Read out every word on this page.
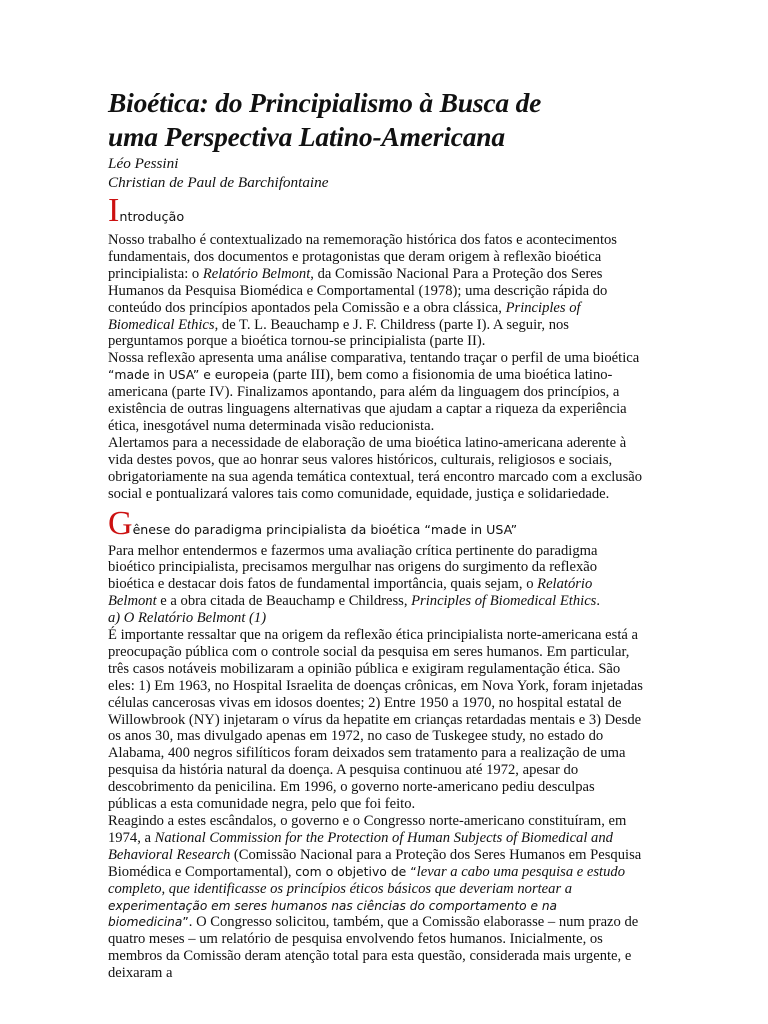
Bioética: do Principialismo à Busca de
uma Perspectiva Latino-Americana
Léo Pessini
Christian de Paul de Barchifontaine
Introdução

Nosso trabalho é contextualizado na rememoração histórica dos fatos e acontecimentos fundamentais, dos documentos e protagonistas que deram origem à reflexão bioética principialista: o Relatório Belmont, da Comissão Nacional Para a Proteção dos Seres Humanos da Pesquisa Biomédica e Comportamental (1978); uma descrição rápida do conteúdo dos princípios apontados pela Comissão e a obra clássica, Principles of Biomedical Ethics, de T. L. Beauchamp e J. F. Childress (parte I). A seguir, nos perguntamos porque a bioética tornou-se principialista (parte II).

Nossa reflexão apresenta uma análise comparativa, tentando traçar o perfil de uma bioética “made in USA” e europeia (parte III), bem como a fisionomia de uma bioética latino-americana (parte IV). Finalizamos apontando, para além da linguagem dos princípios, a existência de outras linguagens alternativas que ajudam a captar a riqueza da experiência ética, inesgotável numa determinada visão reducionista.

Alertamos para a necessidade de elaboração de uma bioética latino-americana aderente à vida destes povos, que ao honrar seus valores históricos, culturais, religiosos e sociais, obrigatoriamente na sua agenda temática contextual, terá encontro marcado com a exclusão social e pontualizará valores tais como comunidade, equidade, justiça e solidariedade.

Gênese do paradigma principialista da bioética “made in USA”

Para melhor entendermos e fazermos uma avaliação crítica pertinente do paradigma bioético principialista, precisamos mergulhar nas origens do surgimento da reflexão bioética e destacar dois fatos de fundamental importância, quais sejam, o Relatório Belmont e a obra citada de Beauchamp e Childress, Principles of Biomedical Ethics.

a) O Relatório Belmont (1)

É importante ressaltar que na origem da reflexão ética principialista norte-americana está a preocupação pública com o controle social da pesquisa em seres humanos. Em particular, três casos notáveis mobilizaram a opinião pública e exigiram regulamentação ética. São eles: 1) Em 1963, no Hospital Israelita de doenças crônicas, em Nova York, foram injetadas células cancerosas vivas em idosos doentes; 2) Entre 1950 a 1970, no hospital estatal de Willowbrook (NY) injetaram o vírus da hepatite em crianças retardadas mentais e 3) Desde os anos 30, mas divulgado apenas em 1972, no caso de Tuskegee study, no estado do Alabama, 400 negros sifilíticos foram deixados sem tratamento para a realização de uma pesquisa da história natural da doença. A pesquisa continuou até 1972, apesar do descobrimento da penicilina. Em 1996, o governo norte-americano pediu desculpas públicas a esta comunidade negra, pelo que foi feito.

Reagindo a estes escândalos, o governo e o Congresso norte-americano constituíram, em 1974, a National Commission for the Protection of Human Subjects of Biomedical and Behavioral Research (Comissão Nacional para a Proteção dos Seres Humanos em Pesquisa Biomédica e Comportamental), com o objetivo de “levar a cabo uma pesquisa e estudo completo, que identificasse os princípios éticos básicos que deveriam nortear a experimentação em seres humanos nas ciências do comportamento e na biomedicina”. O Congresso solicitou, também, que a Comissão elaborasse – num prazo de quatro meses – um relatório de pesquisa envolvendo fetos humanos. Inicialmente, os membros da Comissão deram atenção total para esta questão, considerada mais urgente, e deixaram a
